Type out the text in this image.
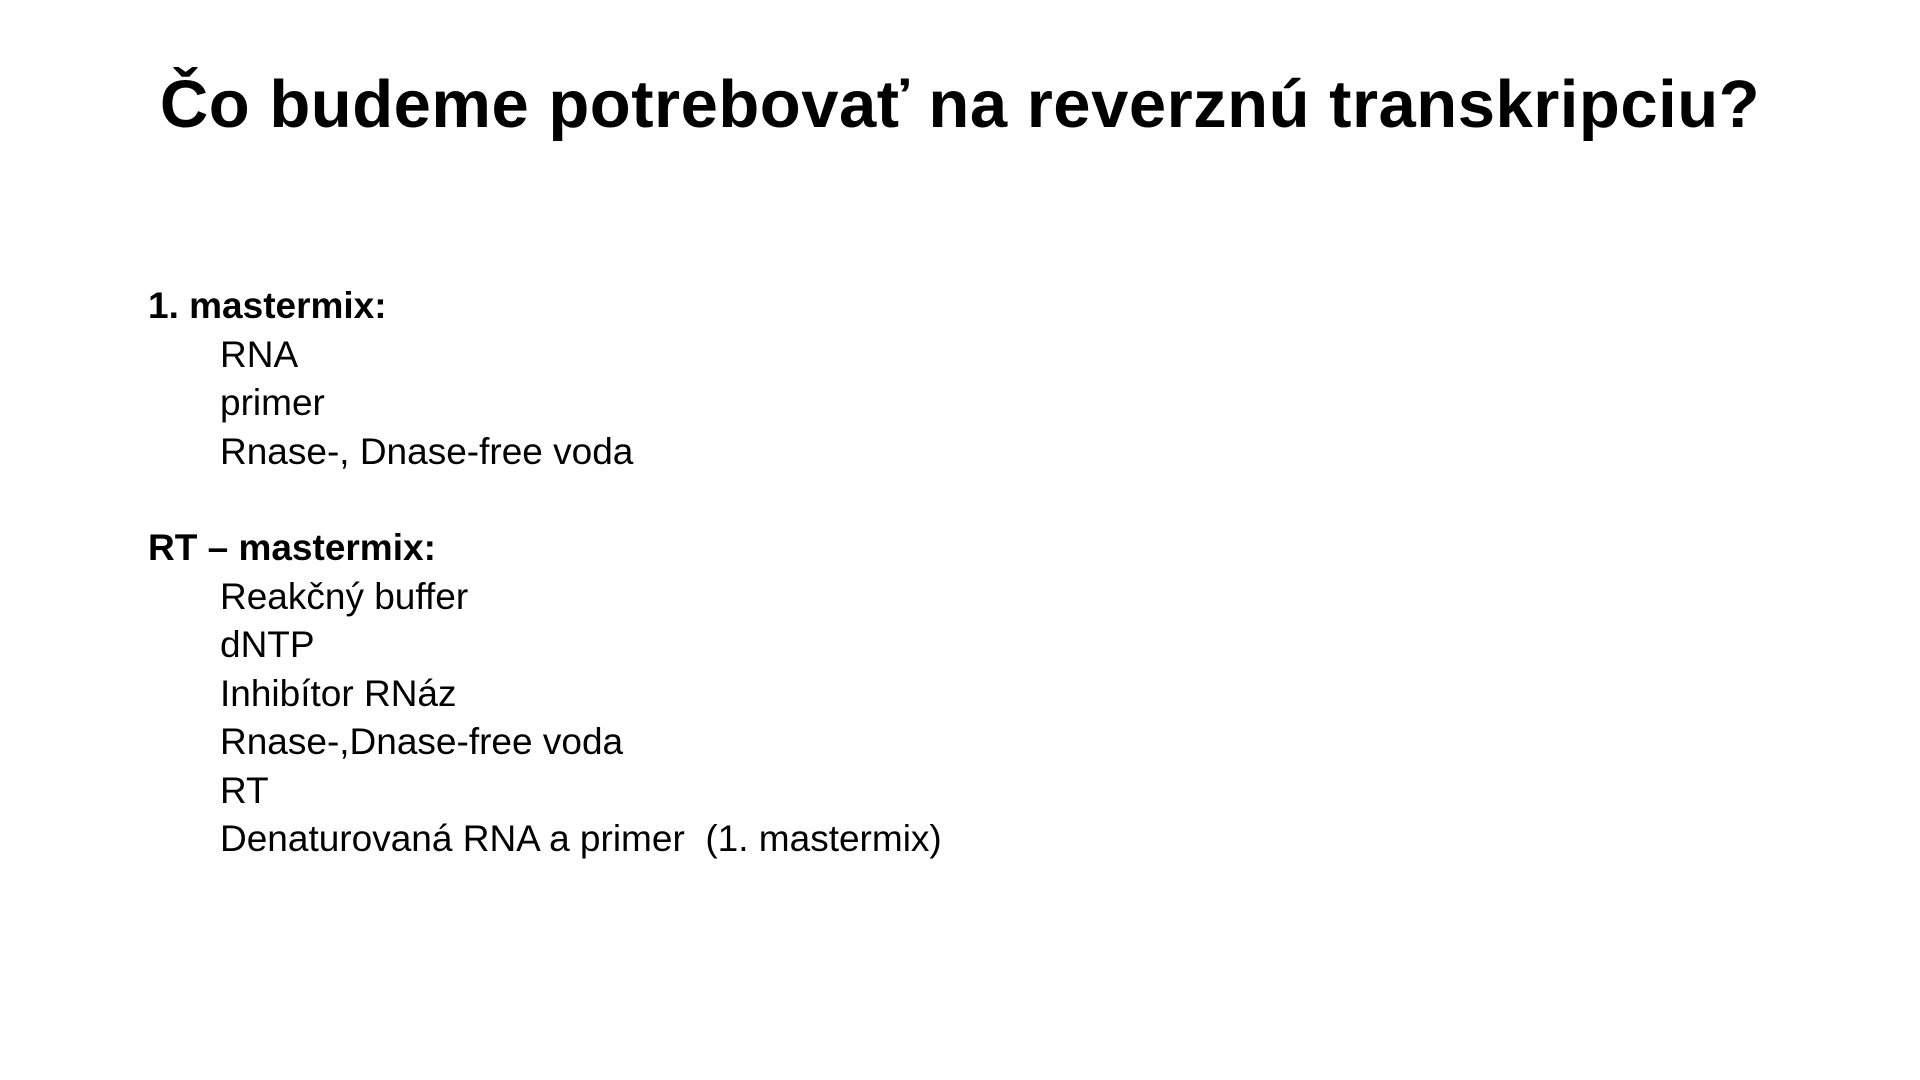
Čo budeme potrebovať na reverznú transkripciu?

1. mastermix:

RNA
primer
Rnase-, Dnase-free voda

RT – mastermix:

Reakčný buffer
dNTP
Inhibítor RNáz
Rnase-,Dnase-free voda
RT
Denaturovaná RNA a primer  (1. mastermix)
